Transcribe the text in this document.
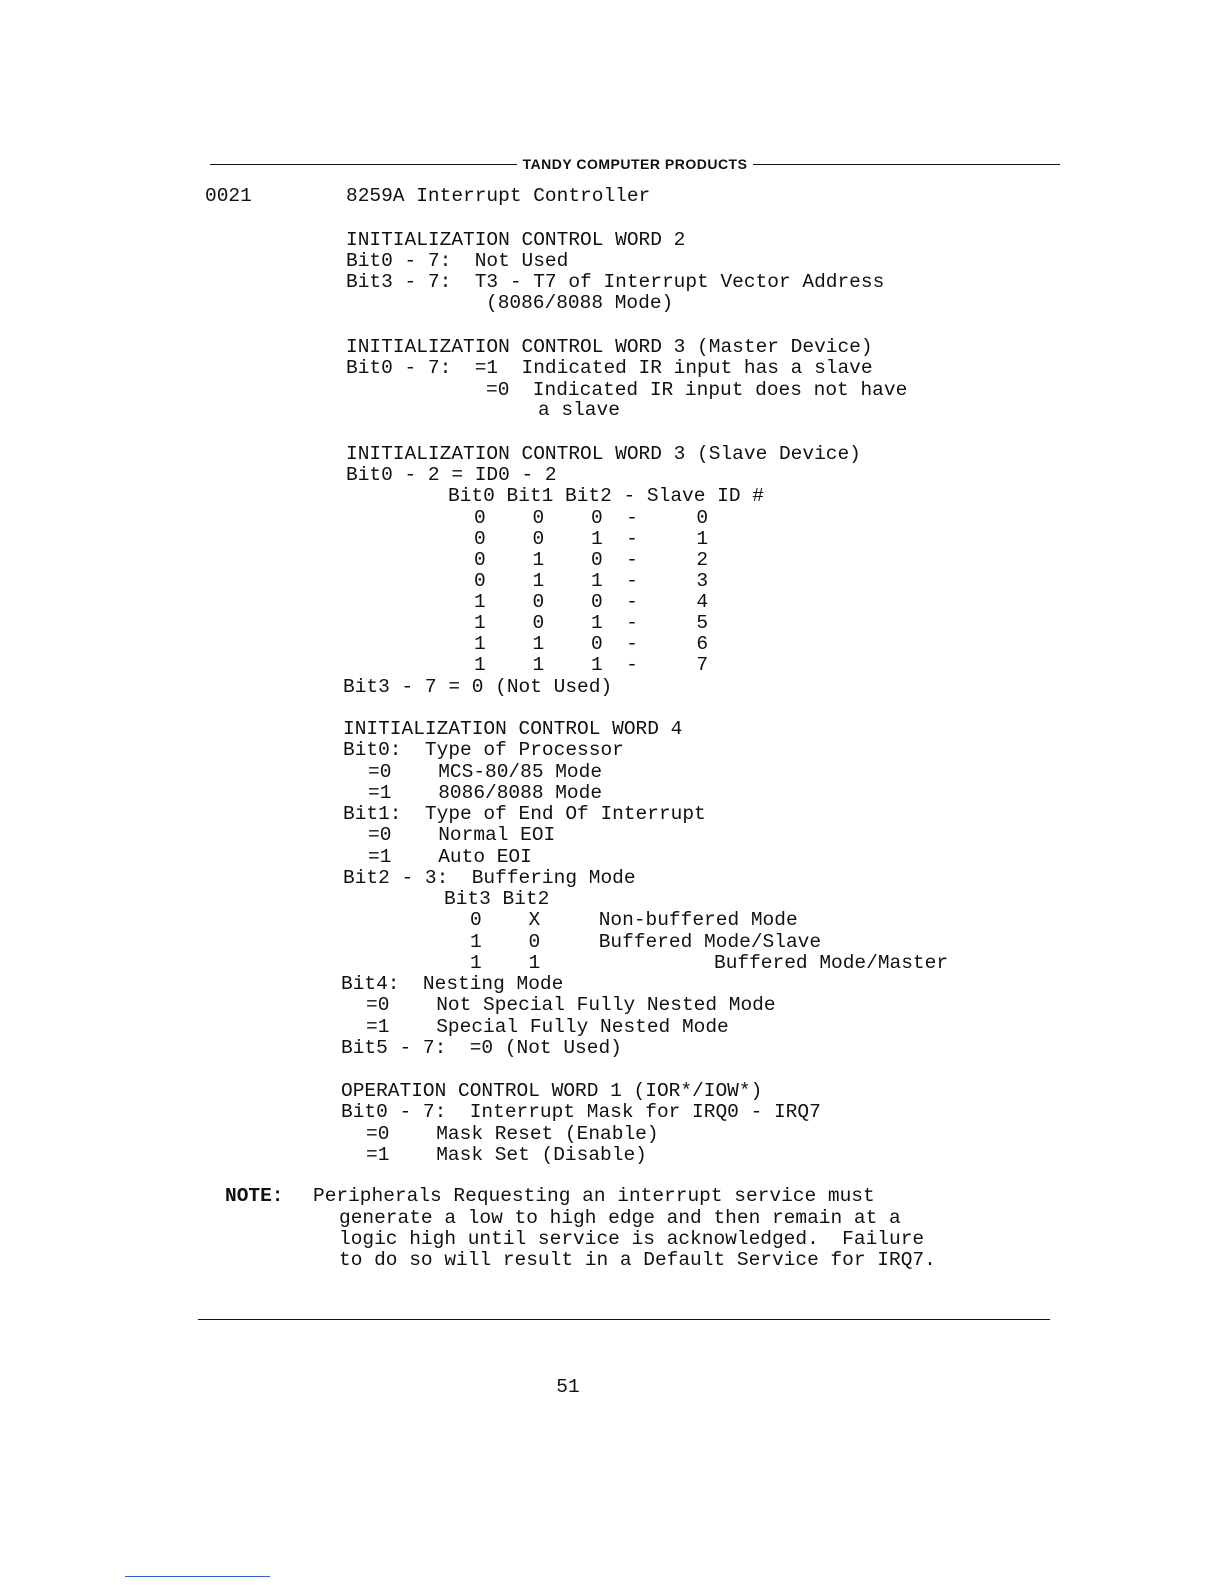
TANDY COMPUTER PRODUCTS
0021	8259A Interrupt Controller
INITIALIZATION CONTROL WORD 2
Bit0 - 7:  Not Used
Bit3 - 7:  T3 - T7 of Interrupt Vector Address
(8086/8088 Mode)
INITIALIZATION CONTROL WORD 3 (Master Device)
Bit0 - 7:  =1  Indicated IR input has a slave
=0  Indicated IR input does not have
a slave
INITIALIZATION CONTROL WORD 3 (Slave Device)
Bit0 - 2 = ID0 - 2
Bit0 Bit1 Bit2 - Slave ID #
0    0    0  -     0
0    0    1  -     1
0    1    0  -     2
0    1    1  -     3
1    0    0  -     4
1    0    1  -     5
1    1    0  -     6
1    1    1  -     7
Bit3 - 7 = 0 (Not Used)
INITIALIZATION CONTROL WORD 4
Bit0:  Type of Processor
=0    MCS-80/85 Mode
=1    8086/8088 Mode
Bit1:  Type of End Of Interrupt
=0    Normal EOI
=1    Auto EOI
Bit2 - 3:  Buffering Mode
Bit3 Bit2
0    X     Non-buffered Mode
1    0     Buffered Mode/Slave
1    1	Buffered Mode/Master
Bit4:  Nesting Mode
=0    Not Special Fully Nested Mode
=1    Special Fully Nested Mode
Bit5 - 7:  =0 (Not Used)
OPERATION CONTROL WORD 1 (IOR*/IOW*)
Bit0 - 7:  Interrupt Mask for IRQ0 - IRQ7
=0    Mask Reset (Enable)
=1    Mask Set (Disable)
NOTE: Peripherals Requesting an interrupt service must
generate a low to high edge and then remain at a
logic high until service is acknowledged.  Failure
to do so will result in a Default Service for IRQ7.
51
